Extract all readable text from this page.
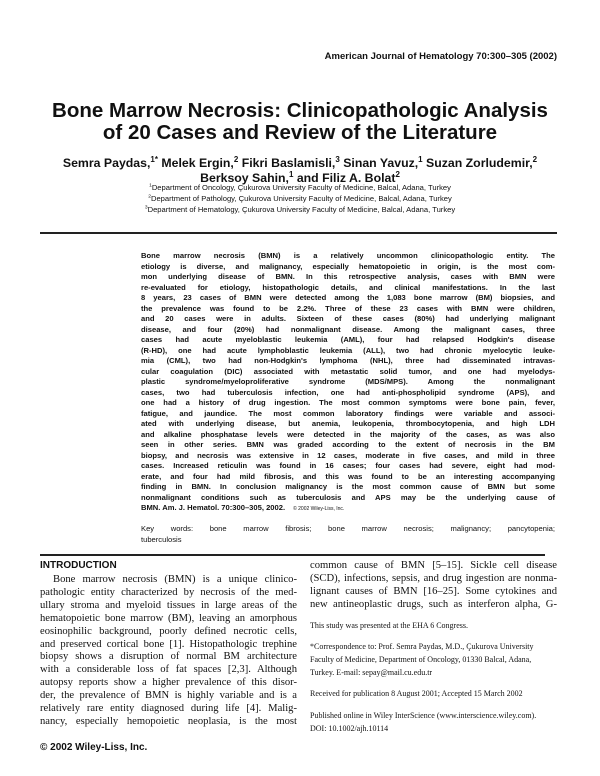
American Journal of Hematology 70:300–305 (2002)
Bone Marrow Necrosis: Clinicopathologic Analysis
of 20 Cases and Review of the Literature
Semra Paydas,$^{1*}$ Melek Ergin,$^2$ Fikri Baslamisli,$^3$ Sinan Yavuz,$^1$ Suzan Zorludemir,$^2$
Berksoy Sahin,$^1$ and Filiz A. Bolat$^2$
$^1$Department of Oncology, Çukurova University Faculty of Medicine, Balcal, Adana, Turkey
$^2$Department of Pathology, Çukurova University Faculty of Medicine, Balcal, Adana, Turkey
$^3$Department of Hematology, Çukurova University Faculty of Medicine, Balcal, Adana, Turkey
Bone marrow necrosis (BMN) is a relatively uncommon clinicopathologic entity. The
etiology is diverse, and malignancy, especially hematopoietic in origin, is the most com-
mon underlying disease of BMN. In this retrospective analysis, cases with BMN were
re-evaluated for etiology, histopathologic details, and clinical manifestations. In the last
8 years, 23 cases of BMN were detected among the 1,083 bone marrow (BM) biopsies, and
the prevalence was found to be 2.2%. Three of these 23 cases with BMN were children,
and 20 cases were in adults. Sixteen of these cases (80%) had underlying malignant
disease, and four (20%) had nonmalignant disease. Among the malignant cases, three
cases had acute myeloblastic leukemia (AML), four had relapsed Hodgkin's disease
(R-HD), one had acute lymphoblastic leukemia (ALL), two had chronic myelocytic leuke-
mia (CML), two had non-Hodgkin's lymphoma (NHL), three had disseminated intravas-
cular coagulation (DIC) associated with metastatic solid tumor, and one had myelodys-
plastic syndrome/myeloproliferative syndrome (MDS/MPS). Among the nonmalignant
cases, two had tuberculosis infection, one had anti-phospholipid syndrome (APS), and
one had a history of drug ingestion. The most common symptoms were bone pain, fever,
fatigue, and jaundice. The most common laboratory findings were variable and associ-
ated with underlying disease, but anemia, leukopenia, thrombocytopenia, and high LDH
and alkaline phosphatase levels were detected in the majority of the cases, as was also
seen in other series. BMN was graded according to the extent of necrosis in the BM
biopsy, and necrosis was extensive in 12 cases, moderate in five cases, and mild in three
cases. Increased reticulin was found in 16 cases; four cases had severe, eight had mod-
erate, and four had mild fibrosis, and this was found to be an interesting accompanying
finding in BMN. In conclusion malignancy is the most common cause of BMN but some
nonmalignant conditions such as tuberculosis and APS may be the underlying cause of
BMN. Am. J. Hematol. 70:300–305, 2002. © 2002 Wiley-Liss, Inc.
Key words: bone marrow fibrosis; bone marrow necrosis; malignancy; pancytopenia;
tuberculosis
INTRODUCTION
Bone marrow necrosis (BMN) is a unique clinico-
pathologic entity characterized by necrosis of the med-
ullary stroma and myeloid tissues in large areas of the
hematopoietic bone marrow (BM), leaving an amorphous
eosinophilic background, poorly defined necrotic cells,
and preserved cortical bone [1]. Histopathologic trephine
biopsy shows a disruption of normal BM architecture
with a considerable loss of fat spaces [2,3]. Although
autopsy reports show a higher prevalence of this disor-
der, the prevalence of BMN is highly variable and is a
relatively rare entity diagnosed during life [4]. Malig-
nancy, especially hemopoietic neoplasia, is the most
© 2002 Wiley-Liss, Inc.
common cause of BMN [5–15]. Sickle cell disease
(SCD), infections, sepsis, and drug ingestion are nonma-
lignant causes of BMN [16–25]. Some cytokines and
new antineoplastic drugs, such as interferon alpha, G-
This study was presented at the EHA 6 Congress.
*Correspondence to: Prof. Semra Paydas, M.D., Çukurova University
Faculty of Medicine, Department of Oncology, 01330 Balcal, Adana,
Turkey. E-mail: sepay@mail.cu.edu.tr
Received for publication 8 August 2001; Accepted 15 March 2002
Published online in Wiley InterScience (www.interscience.wiley.com).
DOI: 10.1002/ajh.10114
